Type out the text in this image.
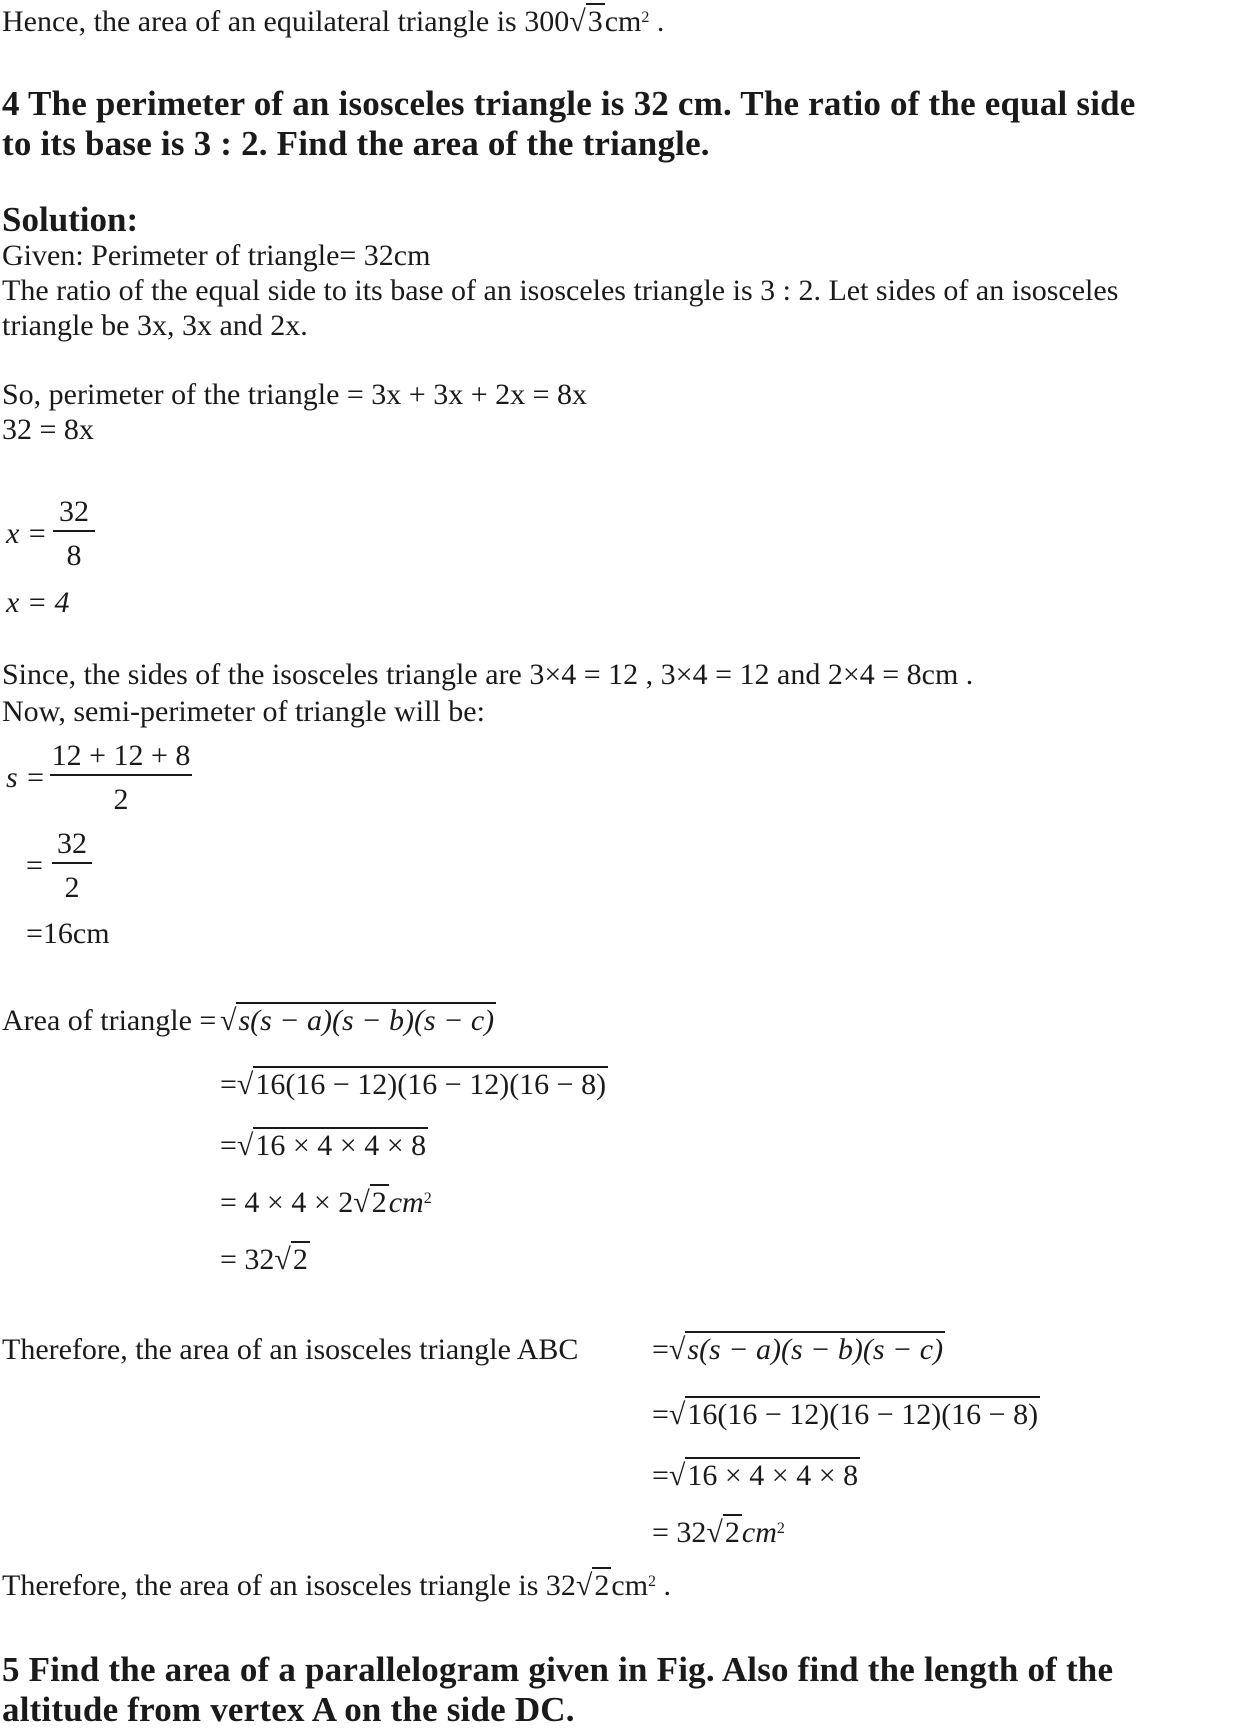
Hence, the area of an equilateral triangle is $300√3cm^2$ .
4 The perimeter of an isosceles triangle is 32 cm. The ratio of the equal side
to its base is 3 : 2. Find the area of the triangle.
Solution:
Given: Perimeter of triangle= 32cm
The ratio of the equal side to its base of an isosceles triangle is 3 : 2. Let sides of an isosceles
triangle be 3x, 3x and 2x.
So, perimeter of the triangle = 3x + 3x + 2x = 8x
32 = 8x
x =
32
8
x = 4
Since, the sides of the isosceles triangle are 3×4 = 12 , 3×4 = 12 and 2×4 = 8cm .
Now, semi-perimeter of triangle will be:
s =
12 + 12 + 8
2
=
32
2
=16cm
Area of triangle = √s(s − a)(s − b)(s − c)
=√16(16 − 12)(16 − 12)(16 − 8)
=√16 × 4 × 4 × 8
= $4 \times 4 \times 2√2cm^2$
= 32√2
Therefore, the area of an isosceles triangle ABC =√s(s − a)(s − b)(s − c)
=√16(16 − 12)(16 − 12)(16 − 8)
=√16 × 4 × 4 × 8
= $32√2cm^2$
Therefore, the area of an isosceles triangle is $32√2cm^2$ .
5 Find the area of a parallelogram given in Fig. Also find the length of the
altitude from vertex A on the side DC.
